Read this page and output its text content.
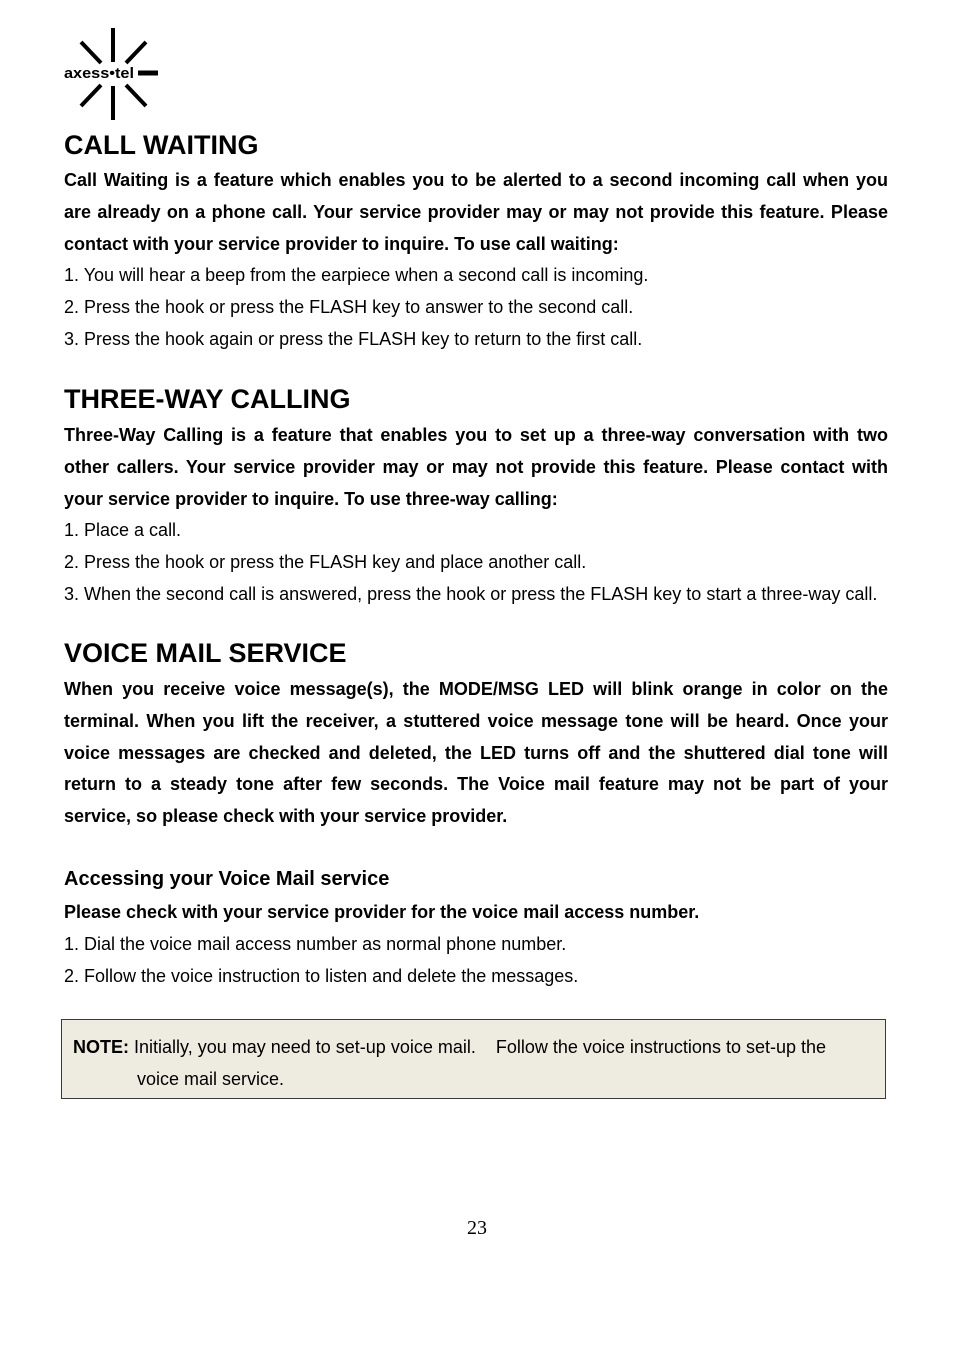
axess•tel
CALL WAITING
Call Waiting is a feature which enables you to be alerted to a second incoming call when you
are already on a phone call. Your service provider may or may not provide this feature. Please
contact with your service provider to inquire. To use call waiting:
1. You will hear a beep from the earpiece when a second call is incoming.
2. Press the hook or press the FLASH key to answer to the second call.
3. Press the hook again or press the FLASH key to return to the first call.
THREE-WAY CALLING
Three-Way Calling is a feature that enables you to set up a three-way conversation with two
other callers. Your service provider may or may not provide this feature. Please contact with
your service provider to inquire. To use three-way calling:
1. Place a call.
2. Press the hook or press the FLASH key and place another call.
3. When the second call is answered, press the hook or press the FLASH key to start a three-way call.
VOICE MAIL SERVICE
When you receive voice message(s), the MODE/MSG LED will blink orange in color on the
terminal. When you lift the receiver, a stuttered voice message tone will be heard. Once your
voice messages are checked and deleted, the LED turns off and the shuttered dial tone will
return to a steady tone after few seconds. The Voice mail feature may not be part of your
service, so please check with your service provider.
Accessing your Voice Mail service
Please check with your service provider for the voice mail access number.
1. Dial the voice mail access number as normal phone number.
2. Follow the voice instruction to listen and delete the messages.
NOTE: Initially, you may need to set-up voice mail.    Follow the voice instructions to set-up the
voice mail service.
23
